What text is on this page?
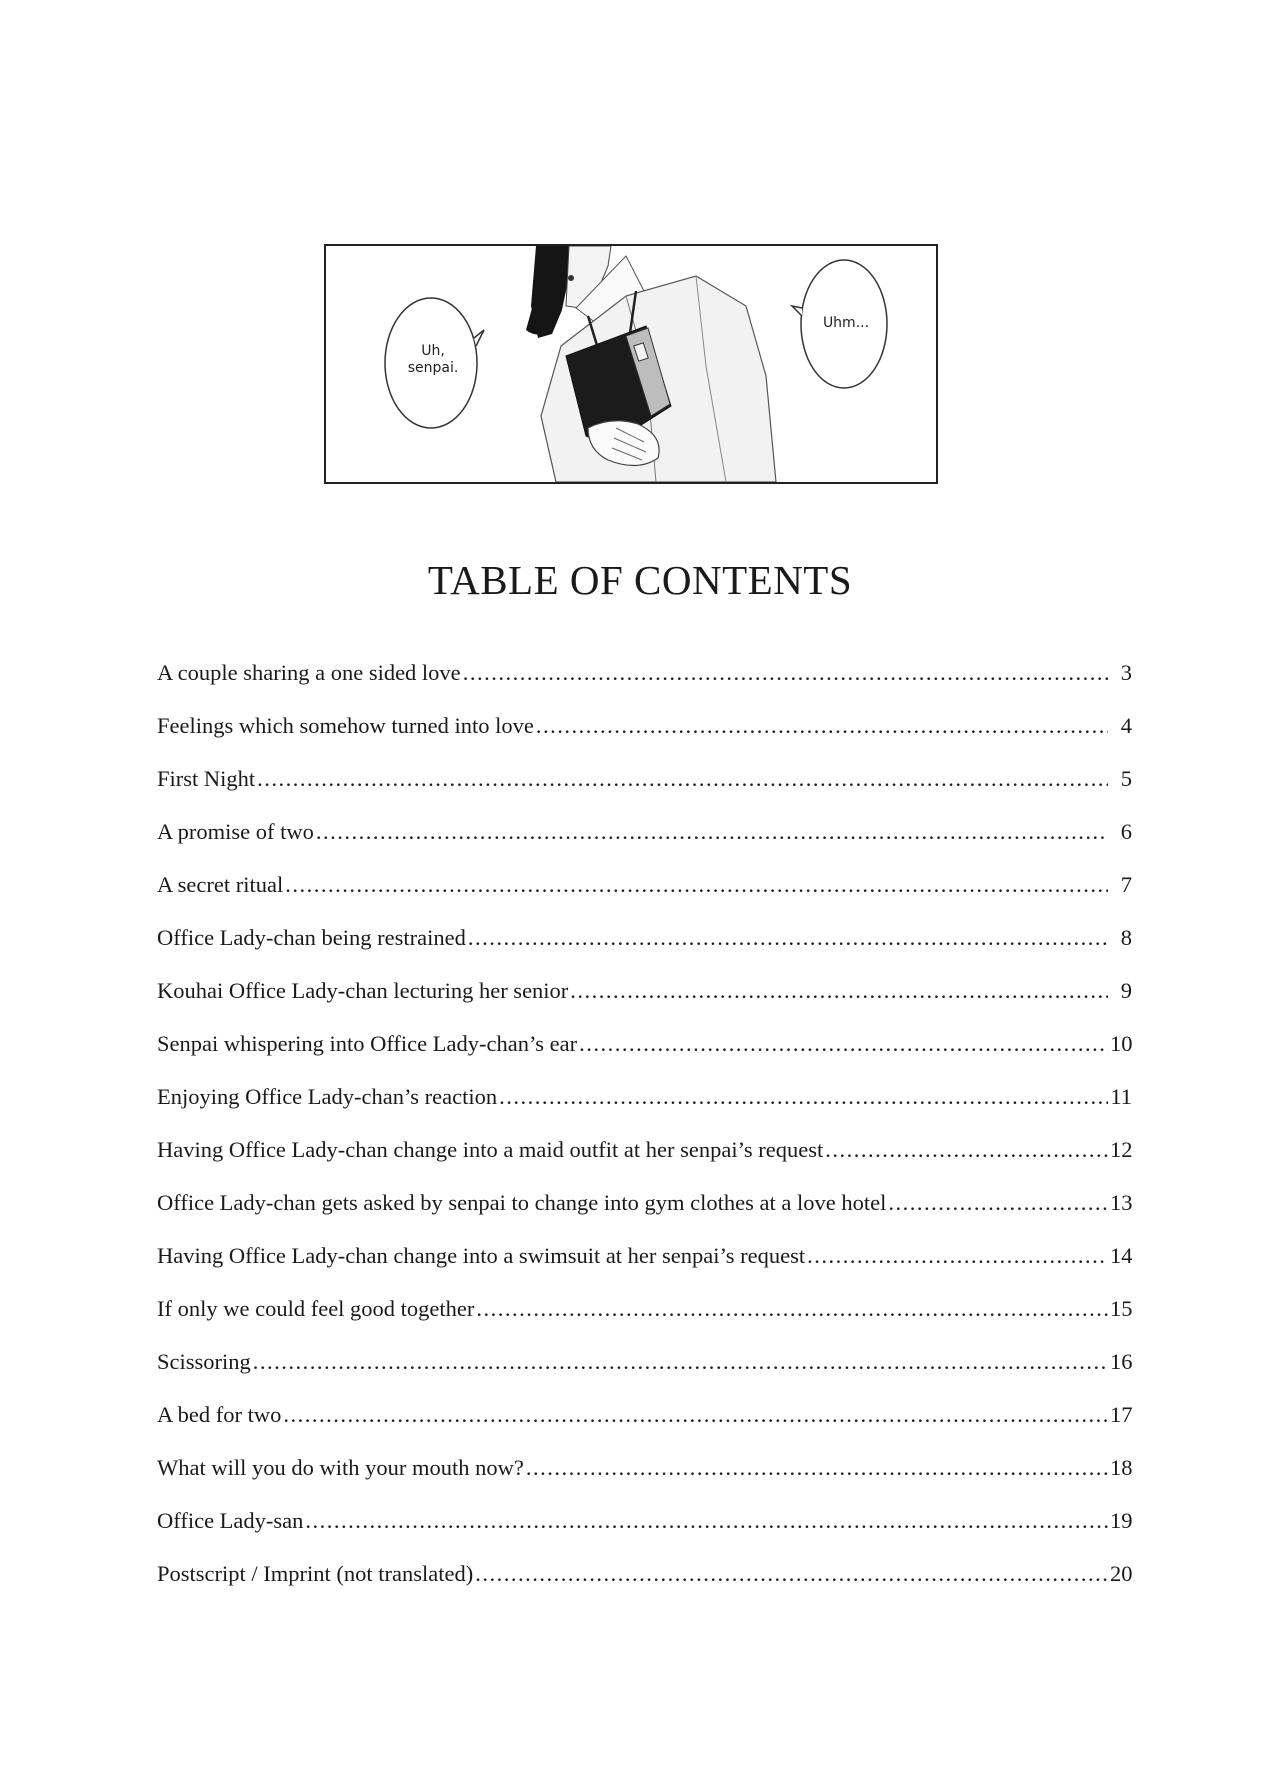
Uh,
senpai.
Uhm...
TABLE OF CONTENTS
A couple sharing a one sided love .....	3
Feelings which somehow turned into love .....	4
First Night .....	5
A promise of two .....	6
A secret ritual .....	7
Office Lady-chan being restrained .....	8
Kouhai Office Lady-chan lecturing her senior .....	9
Senpai whispering into Office Lady-chan’s ear .....	10
Enjoying Office Lady-chan’s reaction .....	11
Having Office Lady-chan change into a maid outfit at her senpai’s request .....	12
Office Lady-chan gets asked by senpai to change into gym clothes at a love hotel .....	13
Having Office Lady-chan change into a swimsuit at her senpai’s request .....	14
If only we could feel good together .....	15
Scissoring .....	16
A bed for two .....	17
What will you do with your mouth now? .....	18
Office Lady-san .....	19
Postscript / Imprint (not translated) .....	20
